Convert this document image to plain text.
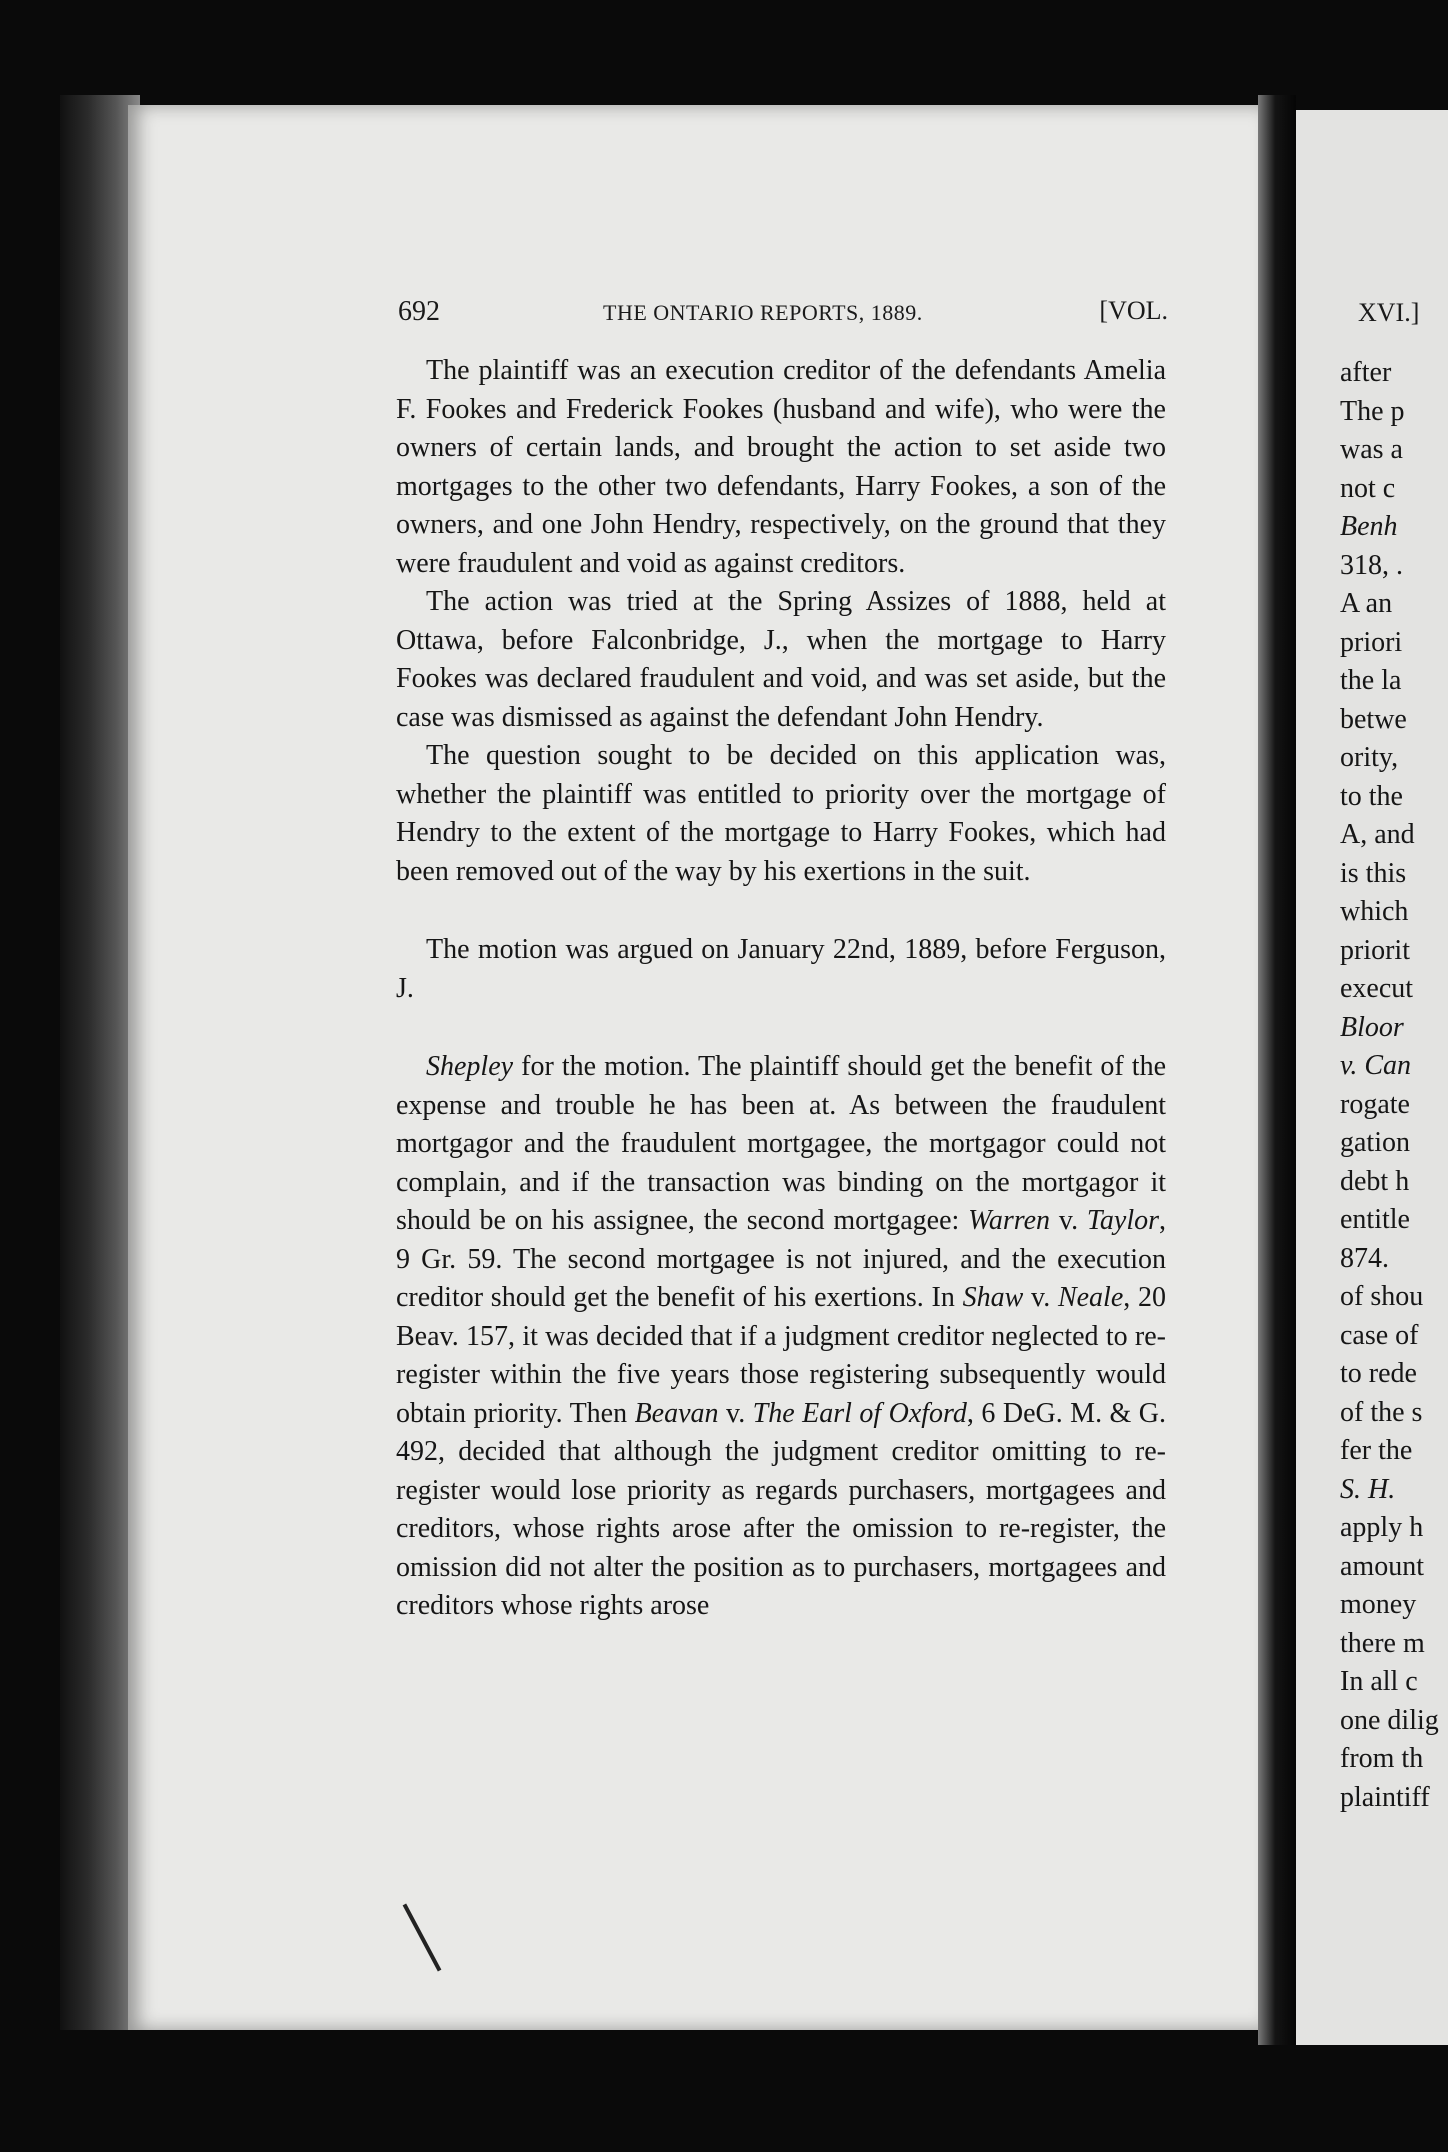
692	THE ONTARIO REPORTS, 1889.	[VOL.

The plaintiff was an execution creditor of the defendants Amelia F. Fookes and Frederick Fookes (husband and wife), who were the owners of certain lands, and brought the action to set aside two mortgages to the other two defendants, Harry Fookes, a son of the owners, and one John Hendry, respectively, on the ground that they were fraudulent and void as against creditors.

The action was tried at the Spring Assizes of 1888, held at Ottawa, before Falconbridge, J., when the mortgage to Harry Fookes was declared fraudulent and void, and was set aside, but the case was dismissed as against the defendant John Hendry.

The question sought to be decided on this application was, whether the plaintiff was entitled to priority over the mortgage of Hendry to the extent of the mortgage to Harry Fookes, which had been removed out of the way by his exertions in the suit.

The motion was argued on January 22nd, 1889, before Ferguson, J.

Shepley for the motion. The plaintiff should get the benefit of the expense and trouble he has been at. As between the fraudulent mortgagor and the fraudulent mortgagee, the mortgagor could not complain, and if the transaction was binding on the mortgagor it should be on his assignee, the second mortgagee: Warren v. Taylor, 9 Gr. 59. The second mortgagee is not injured, and the execution creditor should get the benefit of his exertions. In Shaw v. Neale, 20 Beav. 157, it was decided that if a judgment creditor neglected to re-register within the five years those registering subsequently would obtain priority. Then Beavan v. The Earl of Oxford, 6 DeG. M. & G. 492, decided that although the judgment creditor omitting to re-register would lose priority as regards purchasers, mortgagees and creditors, whose rights arose after the omission to re-register, the omission did not alter the position as to purchasers, mortgagees and creditors whose rights arose

XVI.]
after
The p
was a
not c
Benh
318, .
A an
priori
the la
betwe
ority,
to the
A, and
is this
which
priorit
execut
Bloor
v. Can
rogate
gation
debt h
entitle
874.
of shou
case of
to rede
of the s
fer the
S. H.
apply h
amount
money
there m
In all c
one dilig
from th
plaintiff
